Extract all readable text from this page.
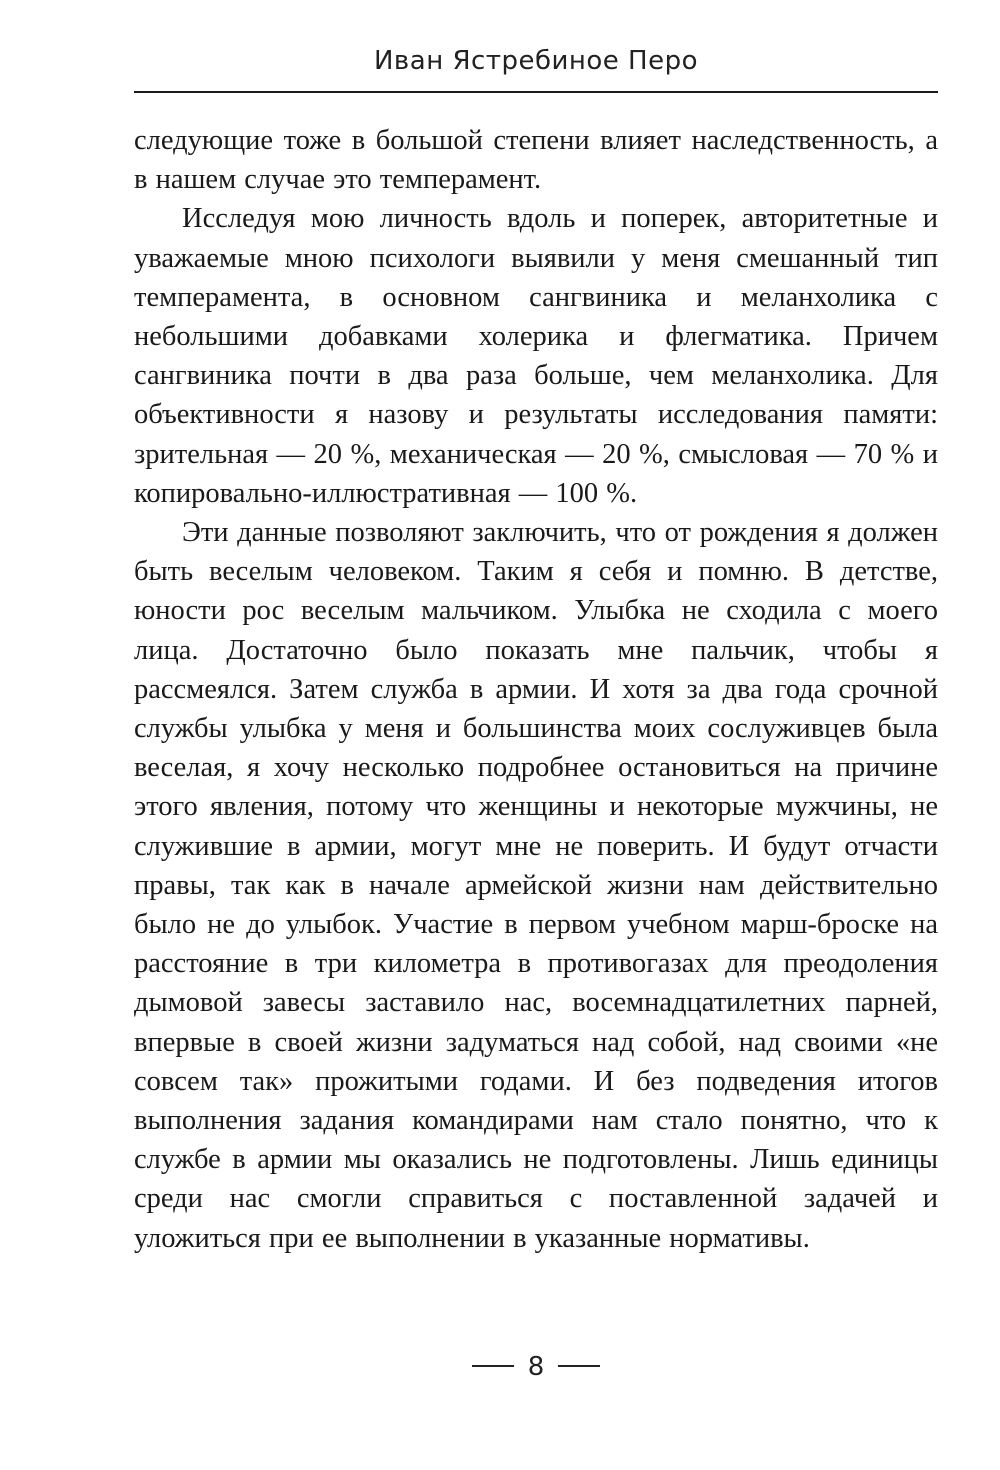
Иван Ястребиное Перо

следующие тоже в большой степени влияет наследственность, а в нашем случае это темперамент.

Исследуя мою личность вдоль и поперек, авторитетные и уважаемые мною психологи выявили у меня смешанный тип темперамента, в основном сангвиника и меланхолика с небольшими добавками холерика и флегматика. Причем сангвиника почти в два раза больше, чем меланхолика. Для объективности я назову и результаты исследования памяти: зрительная — 20 %, механическая — 20 %, смысловая — 70 % и копировально-иллюстративная — 100 %.

Эти данные позволяют заключить, что от рождения я должен быть веселым человеком. Таким я себя и помню. В детстве, юности рос веселым мальчиком. Улыбка не сходила с моего лица. Достаточно было показать мне пальчик, чтобы я рассмеялся. Затем служба в армии. И хотя за два года срочной службы улыбка у меня и большинства моих сослуживцев была веселая, я хочу несколько подробнее остановиться на причине этого явления, потому что женщины и некоторые мужчины, не служившие в армии, могут мне не поверить. И будут отчасти правы, так как в начале армейской жизни нам действительно было не до улыбок. Участие в первом учебном марш-броске на расстояние в три километра в противогазах для преодоления дымовой завесы заставило нас, восемнадцатилетних парней, впервые в своей жизни задуматься над собой, над своими «не совсем так» прожитыми годами. И без подведения итогов выполнения задания командирами нам стало понятно, что к службе в армии мы оказались не подготовлены. Лишь единицы среди нас смогли справиться с поставленной задачей и уложиться при ее выполнении в указанные нормативы.

8
